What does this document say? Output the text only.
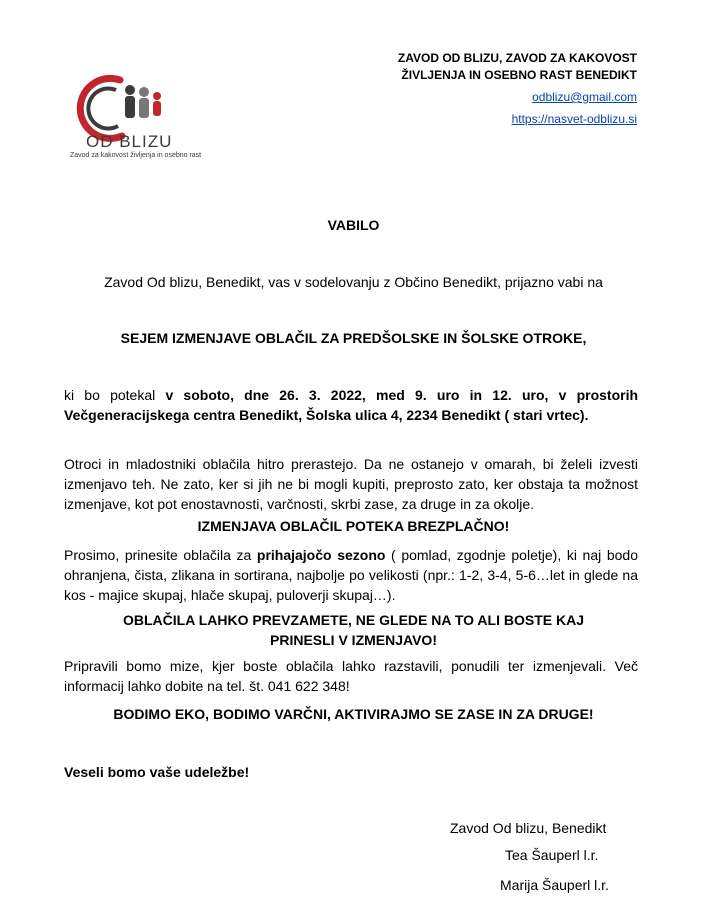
OD BLIZU
Zavod za kakovost življenja in osebno rast
ZAVOD OD BLIZU, ZAVOD ZA KAKOVOST
ŽIVLJENJA IN OSEBNO RAST BENEDIKT
odblizu@gmail.com
https://nasvet-odblizu.si
VABILO
Zavod Od blizu, Benedikt, vas v sodelovanju z Občino Benedikt, prijazno vabi na
SEJEM IZMENJAVE OBLAČIL ZA PREDŠOLSKE IN ŠOLSKE OTROKE,
ki bo potekal v soboto, dne 26. 3. 2022, med 9. uro in 12. uro, v prostorih Večgeneracijskega centra Benedikt, Šolska ulica 4, 2234 Benedikt ( stari vrtec).
Otroci in mladostniki oblačila hitro prerastejo. Da ne ostanejo v omarah, bi želeli izvesti izmenjavo teh. Ne zato, ker si jih ne bi mogli kupiti, preprosto zato, ker obstaja ta možnost izmenjave, kot pot enostavnosti, varčnosti, skrbi zase, za druge in za okolje.
IZMENJAVA OBLAČIL POTEKA BREZPLAČNO!
Prosimo, prinesite oblačila za prihajajočo sezono ( pomlad, zgodnje poletje), ki naj bodo ohranjena, čista, zlikana in sortirana, najbolje po velikosti (npr.: 1-2, 3-4, 5-6…let in glede na kos - majice skupaj, hlače skupaj, puloverji skupaj…).
OBLAČILA LAHKO PREVZAMETE, NE GLEDE NA TO ALI BOSTE KAJ PRINESLI V IZMENJAVO!
Pripravili bomo mize, kjer boste oblačila lahko razstavili, ponudili ter izmenjevali. Več informacij lahko dobite na tel. št. 041 622 348!
BODIMO EKO, BODIMO VARČNI, AKTIVIRAJMO SE ZASE IN ZA DRUGE!
Veseli bomo vaše udeležbe!
Zavod Od blizu, Benedikt
Tea Šauperl l.r.
Marija Šauperl l.r.
